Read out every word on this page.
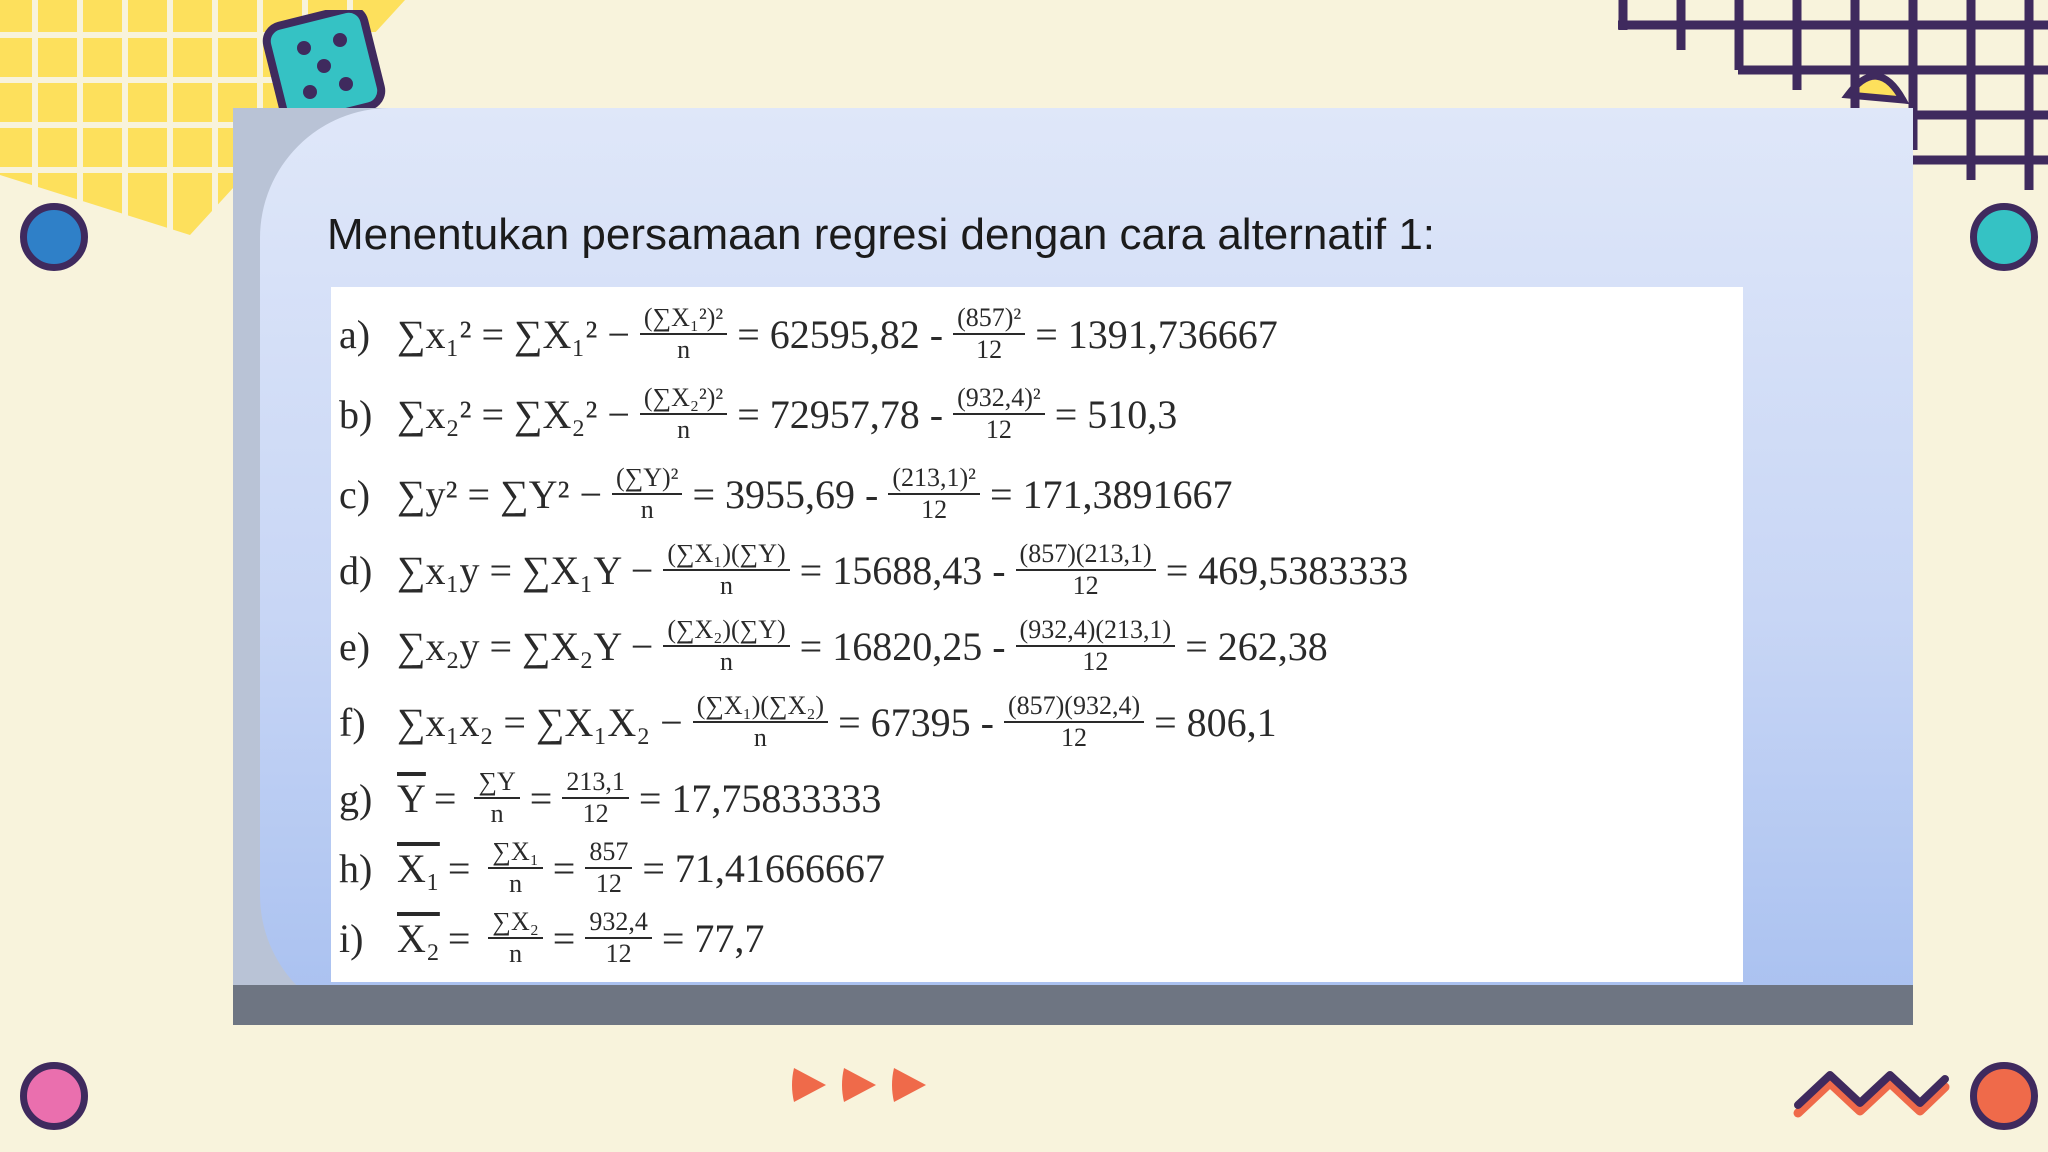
Menentukan persamaan regresi dengan cara alternatif 1:
a) $\sum x_1^2 = \sum X_1^2 - \frac{\text{(∑X₁²)²}}{n} = 62595,82 - \frac{\text{(857)²}}{12} = 1391,736667$
b) $\sum x_2^2 = \sum X_2^2 - \frac{\text{(∑X₂²)²}}{n} = 72957,78 - \frac{\text{(932,4)²}}{12} = 510,3$
c) $\sum y^2 = \sum Y^2 - \frac{\text{(∑Y)²}}{n} = 3955,69 - \frac{\text{(213,1)²}}{12} = 171,3891667$
d) $\sum x_1y = \sum X_1Y - \frac{\text{(∑X₁)(∑Y)}}{n} = 15688,43 - \frac{(857)(213,1)}{12} = 469,5383333$
e) $\sum x_2y = \sum X_2Y - \frac{\text{(∑X₂)(∑Y)}}{n} = 16820,25 - \frac{(932,4)(213,1)}{12} = 262,38$
f) $\sum x_1x_2 = \sum X_1X_2 - \frac{\text{(∑X₁)(∑X₂)}}{n} = 67395 - \frac{(857)(932,4)}{12} = 806,1$
g) $\overline{Y} = \frac{\sum Y}{n} = \frac{213,1}{12} = 17,75833333$
h) $X_1 = \frac{\text{∑X₁}}{n} = \frac{857}{12} = 71,41666667$
i) $X_2 = \frac{\text{∑X₂}}{n} = \frac{932,4}{12} = 77,7$
